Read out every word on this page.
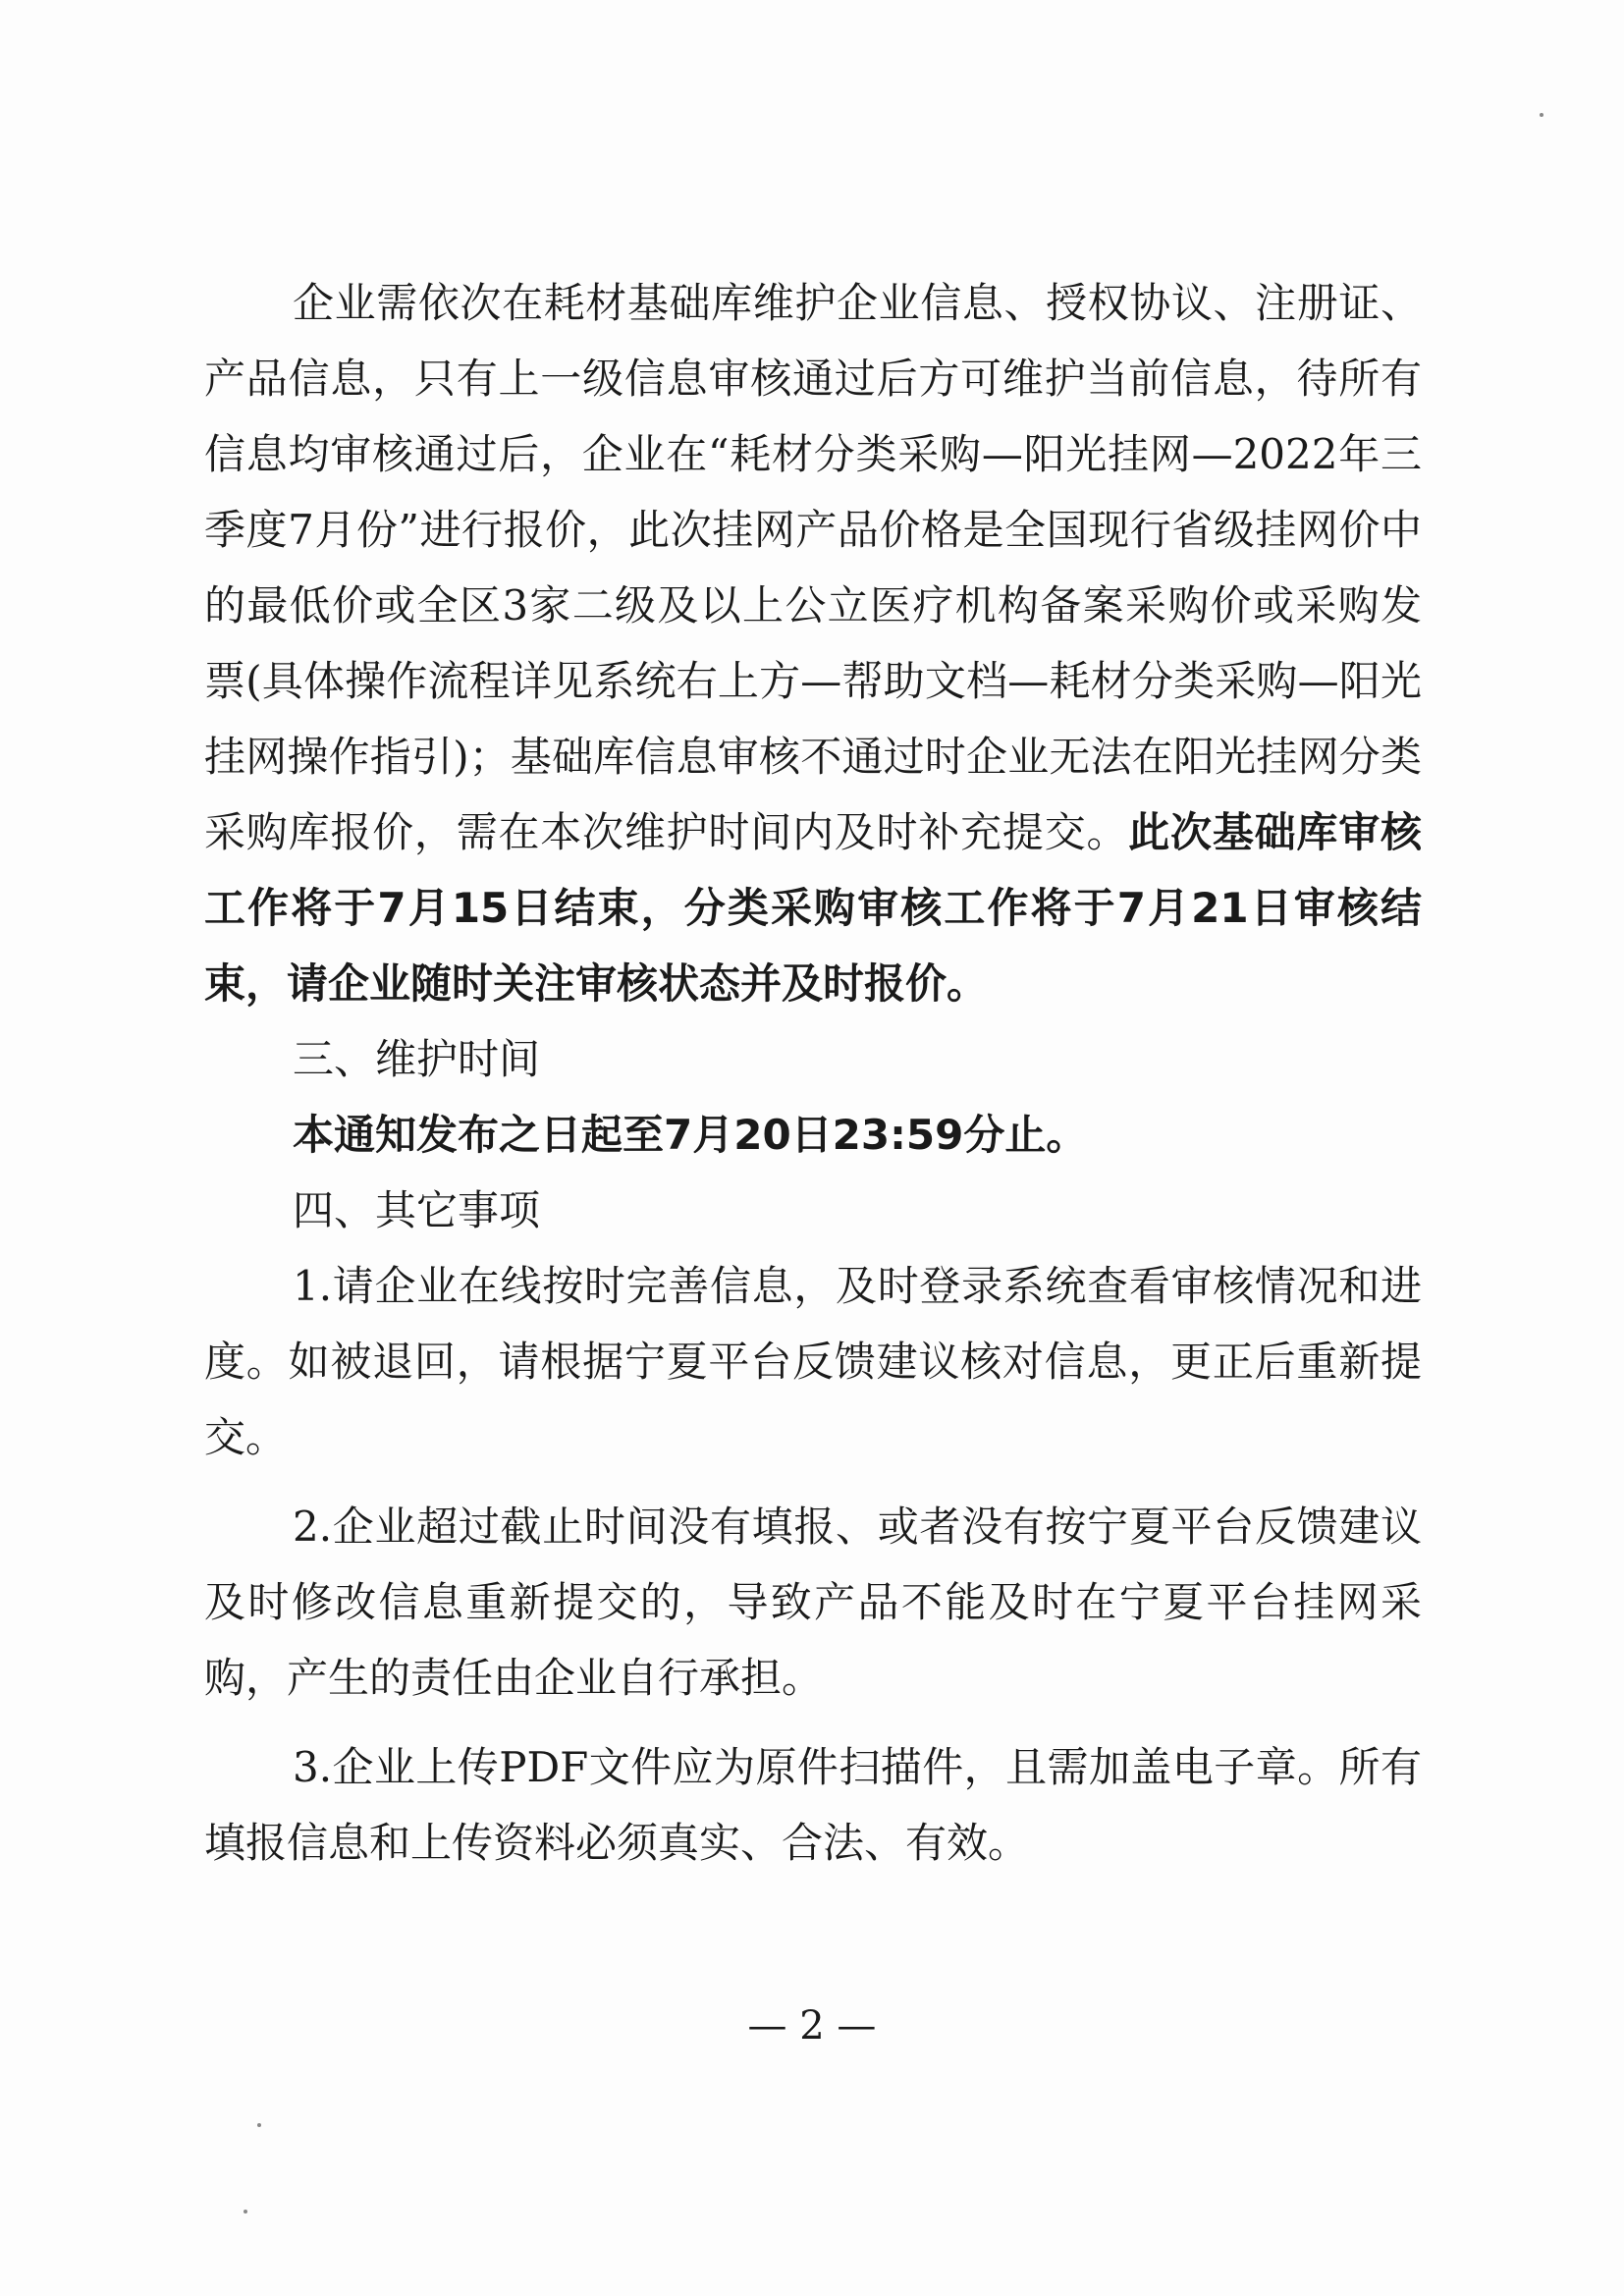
企业需依次在耗材基础库维护企业信息、授权协议、注册证、产品信息，只有上一级信息审核通过后方可维护当前信息，待所有信息均审核通过后，企业在“耗材分类采购—阳光挂网—2022年三季度7月份”进行报价，此次挂网产品价格是全国现行省级挂网价中的最低价或全区3家二级及以上公立医疗机构备案采购价或采购发票(具体操作流程详见系统右上方—帮助文档—耗材分类采购—阳光挂网操作指引)；基础库信息审核不通过时企业无法在阳光挂网分类采购库报价，需在本次维护时间内及时补充提交。此次基础库审核工作将于7月15日结束，分类采购审核工作将于7月21日审核结束，请企业随时关注审核状态并及时报价。

三、维护时间

本通知发布之日起至7月20日23:59分止。

四、其它事项

1.请企业在线按时完善信息，及时登录系统查看审核情况和进度。如被退回，请根据宁夏平台反馈建议核对信息，更正后重新提交。

2.企业超过截止时间没有填报、或者没有按宁夏平台反馈建议及时修改信息重新提交的，导致产品不能及时在宁夏平台挂网采购，产生的责任由企业自行承担。

3.企业上传PDF文件应为原件扫描件，且需加盖电子章。所有填报信息和上传资料必须真实、合法、有效。

— 2 —
